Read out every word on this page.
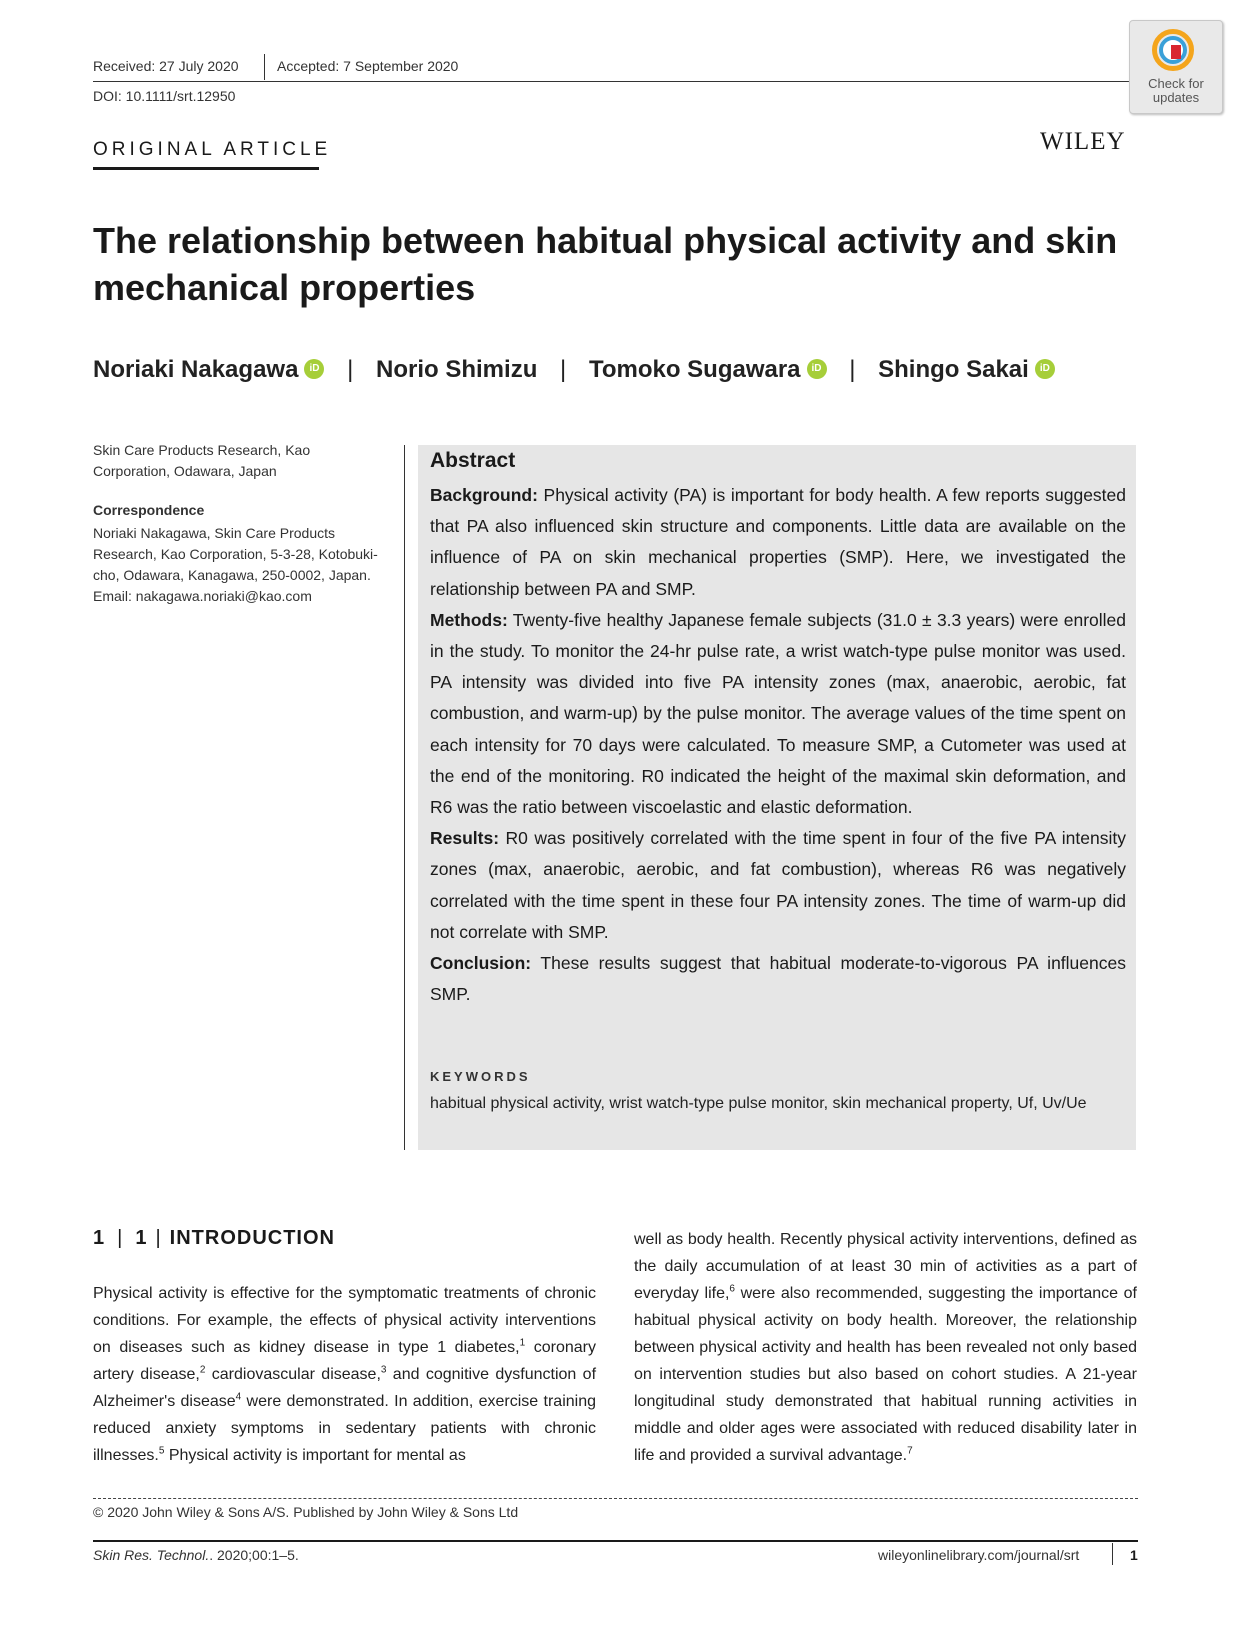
Received: 27 July 2020	Accepted: 7 September 2020
DOI: 10.1111/srt.12950
Check for
updates
ORIGINAL ARTICLE	WILEY
The relationship between habitual physical activity and skin mechanical properties
Noriaki Nakagawa iD | Norio Shimizu | Tomoko Sugawara iD | Shingo Sakai iD
Skin Care Products Research, Kao Corporation, Odawara, Japan
Correspondence
Noriaki Nakagawa, Skin Care Products Research, Kao Corporation, 5-3-28, Kotobuki-cho, Odawara, Kanagawa, 250-0002, Japan.
Email: nakagawa.noriaki@kao.com
Abstract

Background: Physical activity (PA) is important for body health. A few reports suggested that PA also influenced skin structure and components. Little data are available on the influence of PA on skin mechanical properties (SMP). Here, we investigated the relationship between PA and SMP.

Methods: Twenty-five healthy Japanese female subjects (31.0 ± 3.3 years) were enrolled in the study. To monitor the 24-hr pulse rate, a wrist watch-type pulse monitor was used. PA intensity was divided into five PA intensity zones (max, anaerobic, aerobic, fat combustion, and warm-up) by the pulse monitor. The average values of the time spent on each intensity for 70 days were calculated. To measure SMP, a Cutometer was used at the end of the monitoring. R0 indicated the height of the maximal skin deformation, and R6 was the ratio between viscoelastic and elastic deformation.

Results: R0 was positively correlated with the time spent in four of the five PA intensity zones (max, anaerobic, aerobic, and fat combustion), whereas R6 was negatively correlated with the time spent in these four PA intensity zones. The time of warm-up did not correlate with SMP.

Conclusion: These results suggest that habitual moderate-to-vigorous PA influences SMP.

KEYWORDS
habitual physical activity, wrist watch-type pulse monitor, skin mechanical property, Uf, Uv/Ue
1 | 1 | INTRODUCTION

Physical activity is effective for the symptomatic treatments of chronic conditions. For example, the effects of physical activity interventions on diseases such as kidney disease in type 1 diabetes,$^1$ coronary artery disease,$^2$ cardiovascular disease,$^3$ and cognitive dysfunction of Alzheimer's disease$^4$ were demonstrated. In addition, exercise training reduced anxiety symptoms in sedentary patients with chronic illnesses.$^5$ Physical activity is important for mental as

well as body health. Recently physical activity interventions, defined as the daily accumulation of at least 30 min of activities as a part of everyday life,$^6$ were also recommended, suggesting the importance of habitual physical activity on body health. Moreover, the relationship between physical activity and health has been revealed not only based on intervention studies but also based on cohort studies. A 21-year longitudinal study demonstrated that habitual running activities in middle and older ages were associated with reduced disability later in life and provided a survival advantage.$^7$

© 2020 John Wiley & Sons A/S. Published by John Wiley & Sons Ltd
Skin Res. Technol.. 2020;00:1–5.	wileyonlinelibrary.com/journal/srt	1
